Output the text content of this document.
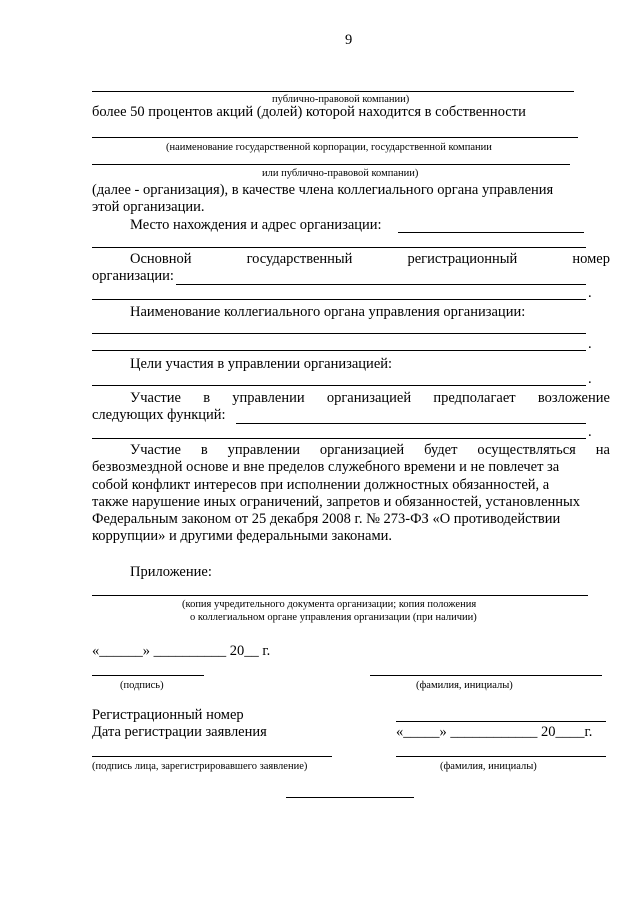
9
публично-правовой компании)
более 50 процентов акций (долей) которой находится в собственности
(наименование государственной корпорации, государственной компании
или публично-правовой компании)
(далее - организация), в качестве члена коллегиального органа управления
этой организации.
Место нахождения и адрес организации:
Основной	государственный	регистрационный	номер
организации:
.
Наименование коллегиального органа управления организации:
.
Цели участия в управлении организацией:
.
Участие в управлении организацией предполагает возложение
следующих функций:
.
Участие в управлении организацией будет осуществляться на
безвозмездной основе и вне пределов служебного времени и не повлечет за
собой конфликт интересов при исполнении должностных обязанностей, а
также нарушение иных ограничений, запретов и обязанностей, установленных
Федеральным законом от 25 декабря 2008 г. № 273-ФЗ «О противодействии
коррупции» и другими федеральными законами.
Приложение:
(копия учредительного документа организации; копия положения
о коллегиальном органе управления организации (при наличии)
«______» __________ 20__ г.
(подпись)	(фамилия, инициалы)
Регистрационный номер
Дата регистрации заявления	«_____» ____________ 20____г.
(подпись лица, зарегистрировавшего заявление)	(фамилия, инициалы)
